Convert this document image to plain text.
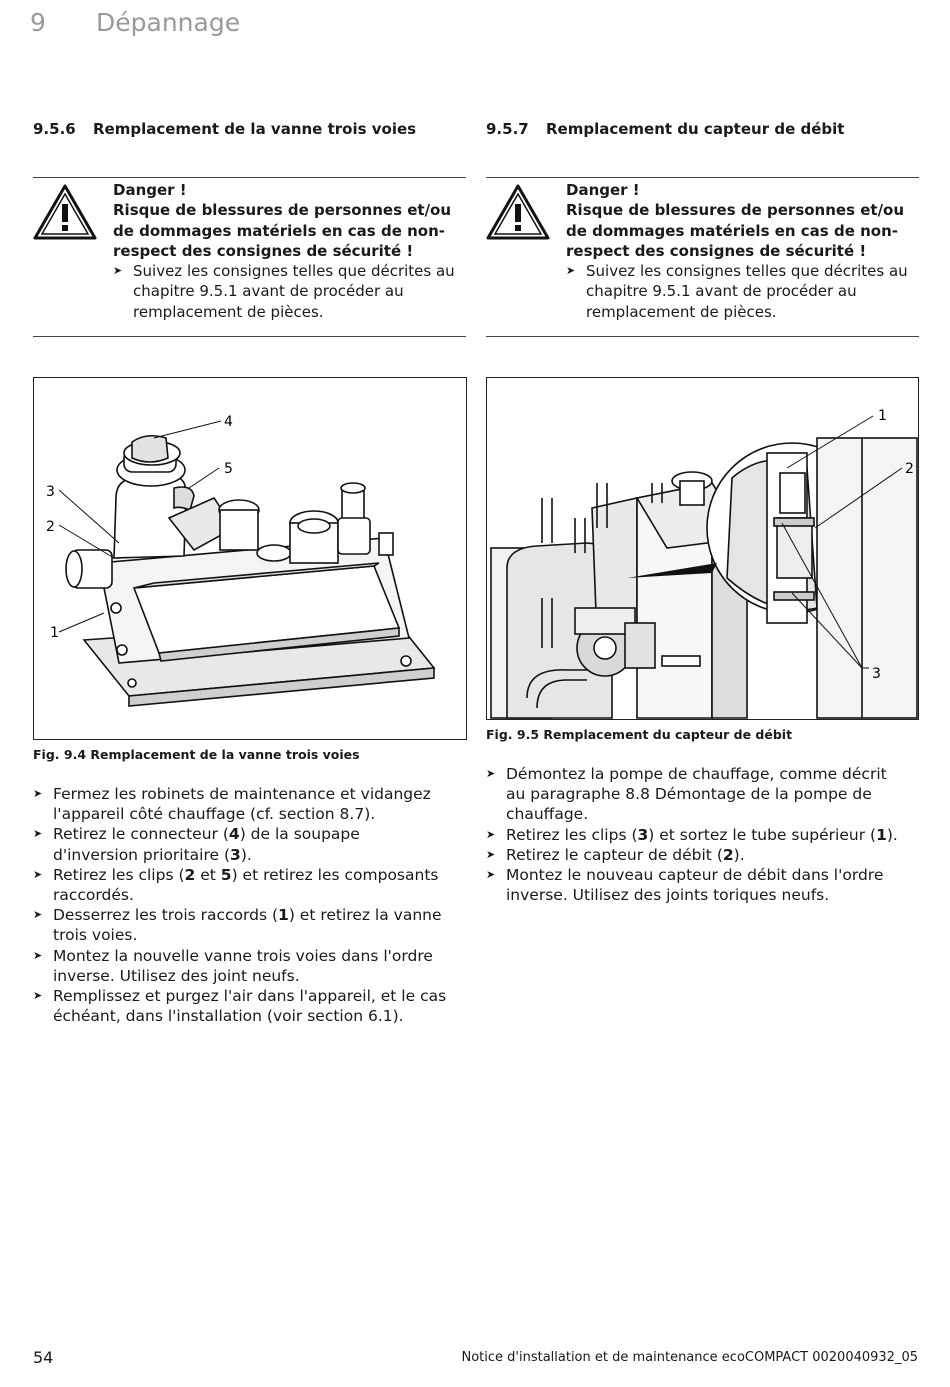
9 Dépannage
9.5.6 Remplacement de la vanne trois voies
Danger !
Risque de blessures de personnes et/ou de dommages matériels en cas de non-respect des consignes de sécurité !
➤ Suivez les consignes telles que décrites au chapitre 9.5.1 avant de procéder au remplacement de pièces.
4
5
3
2
1
Fig. 9.4 Remplacement de la vanne trois voies
➤ Fermez les robinets de maintenance et vidangez l'appareil côté chauffage (cf. section 8.7).
➤ Retirez le connecteur (4) de la soupape d'inversion prioritaire (3).
➤ Retirez les clips (2 et 5) et retirez les composants raccordés.
➤ Desserrez les trois raccords (1) et retirez la vanne trois voies.
➤ Montez la nouvelle vanne trois voies dans l'ordre inverse. Utilisez des joint neufs.
➤ Remplissez et purgez l'air dans l'appareil, et le cas échéant, dans l'installation (voir section 6.1).
9.5.7 Remplacement du capteur de débit
Danger !
Risque de blessures de personnes et/ou de dommages matériels en cas de non-respect des consignes de sécurité !
➤ Suivez les consignes telles que décrites au chapitre 9.5.1 avant de procéder au remplacement de pièces.
1
2
3
Fig. 9.5 Remplacement du capteur de débit
➤ Démontez la pompe de chauffage, comme décrit au paragraphe 8.8 Démontage de la pompe de chauffage.
➤ Retirez les clips (3) et sortez le tube supérieur (1).
➤ Retirez le capteur de débit (2).
➤ Montez le nouveau capteur de débit dans l'ordre inverse. Utilisez des joints toriques neufs.
54	Notice d'installation et de maintenance ecoCOMPACT 0020040932_05
